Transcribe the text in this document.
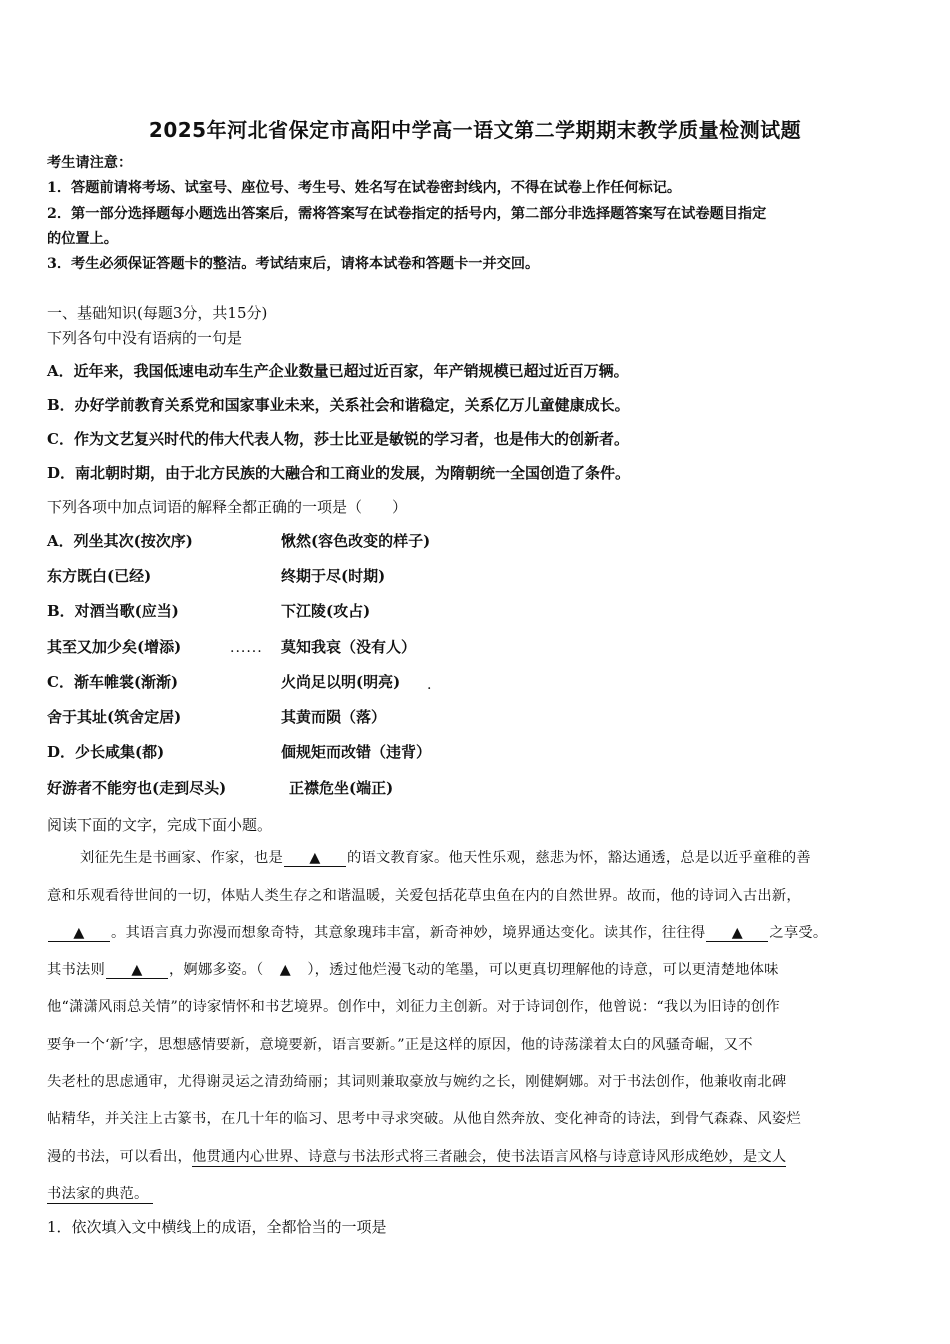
2025年河北省保定市高阳中学高一语文第二学期期末教学质量检测试题
考生请注意：
1．答题前请将考场、试室号、座位号、考生号、姓名写在试卷密封线内，不得在试卷上作任何标记。
2．第一部分选择题每小题选出答案后，需将答案写在试卷指定的括号内，第二部分非选择题答案写在试卷题目指定
的位置上。
3．考生必须保证答题卡的整洁。考试结束后，请将本试卷和答题卡一并交回。
一、基础知识(每题3分，共15分)
下列各句中没有语病的一句是
A．近年来，我国低速电动车生产企业数量已超过近百家，年产销规模已超过近百万辆。
B．办好学前教育关系党和国家事业未来，关系社会和谐稳定，关系亿万儿童健康成长。
C．作为文艺复兴时代的伟大代表人物，莎士比亚是敏锐的学习者，也是伟大的创新者。
D．南北朝时期，由于北方民族的大融合和工商业的发展，为隋朝统一全国创造了条件。
下列各项中加点词语的解释全都正确的一项是（　　）
A．列坐其次(按次序)	愀然(容色改变的样子)
东方既白(已经)	终期于尽(时期)
B．对酒当歌(应当)	下江陵(攻占)
其至又加少矣(增添)	...... 莫知我哀（没有人）
C．渐车帷裳(渐渐)	火尚足以明(明亮) .
舍于其址(筑舍定居)	其黄而陨（落）
D．少长咸集(都)	偭规矩而改错（违背）
好游者不能穷也(走到尽头)	正襟危坐(端正)
阅读下面的文字，完成下面小题。
刘征先生是书画家、作家，也是 ▲ 的语文教育家。他天性乐观，慈悲为怀，豁达通透，总是以近乎童稚的善
意和乐观看待世间的一切，体贴人类生存之和谐温暖，关爱包括花草虫鱼在内的自然世界。故而，他的诗词入古出新，
▲ 。其语言真力弥漫而想象奇特，其意象瑰玮丰富，新奇神妙，境界通达变化。读其作，往往得 ▲ 之享受。
其书法则 ▲ ，婀娜多姿。（ ▲ ），透过他烂漫飞动的笔墨，可以更真切理解他的诗意，可以更清楚地体味
他“潇潇风雨总关情”的诗家情怀和书艺境界。创作中，刘征力主创新。对于诗词创作，他曾说：“我以为旧诗的创作
要争一个‘新’字，思想感情要新，意境要新，语言要新。”正是这样的原因，他的诗荡漾着太白的风骚奇崛，又不
失老杜的思虑通审，尤得谢灵运之清劲绮丽；其词则兼取豪放与婉约之长，刚健婀娜。对于书法创作，他兼收南北碑
帖精华，并关注上古篆书，在几十年的临习、思考中寻求突破。从他自然奔放、变化神奇的诗法，到骨气森森、风姿烂
漫的书法，可以看出，他贯通内心世界、诗意与书法形式将三者融会，使书法语言风格与诗意诗风形成绝妙，是文人
书法家的典范。
1．依次填入文中横线上的成语，全都恰当的一项是
